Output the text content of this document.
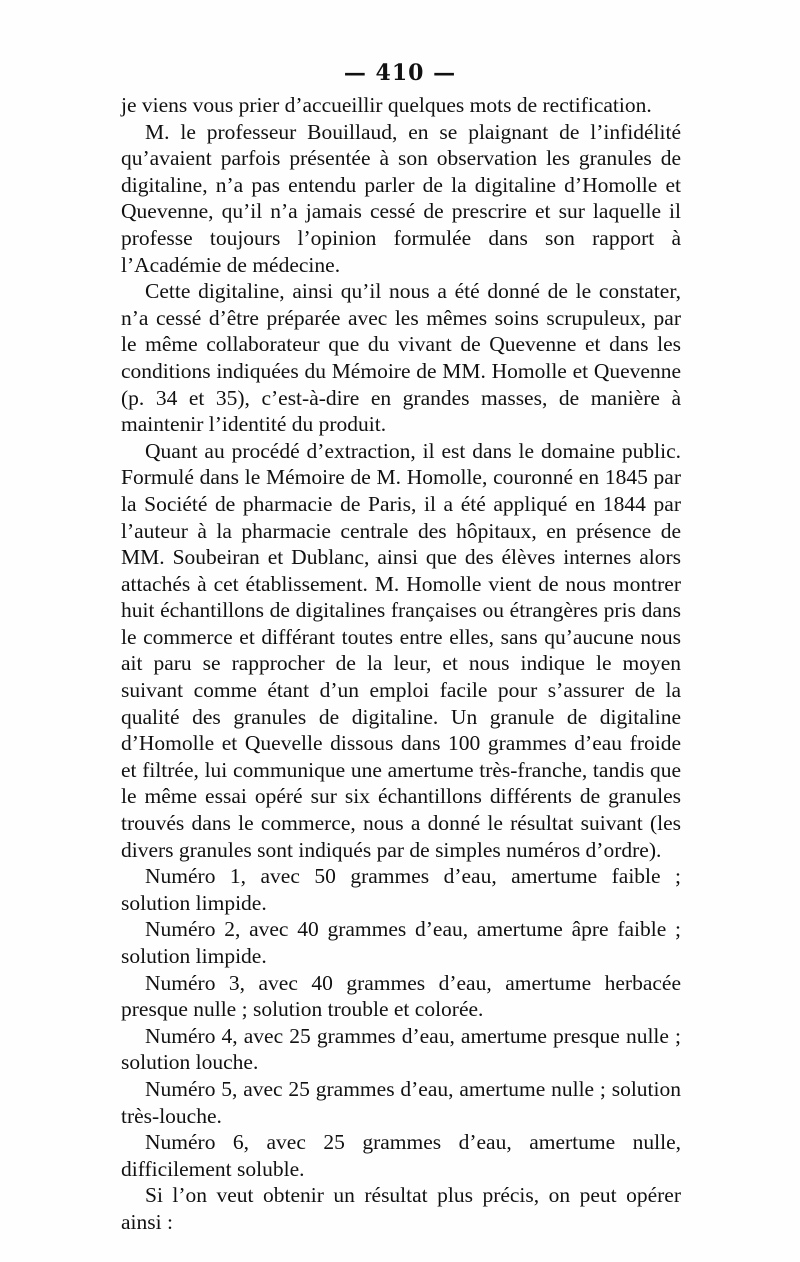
— 410 —

je viens vous prier d’accueillir quelques mots de rectification.

M. le professeur Bouillaud, en se plaignant de l’infidélité qu’avaient parfois présentée à son observation les granules de digitaline, n’a pas entendu parler de la digitaline d’Homolle et Quevenne, qu’il n’a jamais cessé de prescrire et sur laquelle il professe toujours l’opinion formulée dans son rapport à l’Académie de médecine.

Cette digitaline, ainsi qu’il nous a été donné de le constater, n’a cessé d’être préparée avec les mêmes soins scrupuleux, par le même collaborateur que du vivant de Quevenne et dans les conditions indiquées du Mémoire de MM. Homolle et Quevenne (p. 34 et 35), c’est-à-dire en grandes masses, de manière à maintenir l’identité du produit.

Quant au procédé d’extraction, il est dans le domaine public. Formulé dans le Mémoire de M. Homolle, couronné en 1845 par la Société de pharmacie de Paris, il a été appliqué en 1844 par l’auteur à la pharmacie centrale des hôpitaux, en présence de MM. Soubeiran et Dublanc, ainsi que des élèves internes alors attachés à cet établissement. M. Homolle vient de nous montrer huit échantillons de digitalines françaises ou étrangères pris dans le commerce et différant toutes entre elles, sans qu’aucune nous ait paru se rapprocher de la leur, et nous indique le moyen suivant comme étant d’un emploi facile pour s’assurer de la qualité des granules de digitaline. Un granule de digitaline d’Homolle et Quevelle dissous dans 100 grammes d’eau froide et filtrée, lui communique une amertume très-franche, tandis que le même essai opéré sur six échantillons différents de granules trouvés dans le commerce, nous a donné le résultat suivant (les divers granules sont indiqués par de simples numéros d’ordre).

Numéro 1, avec 50 grammes d’eau, amertume faible ; solution limpide.

Numéro 2, avec 40 grammes d’eau, amertume âpre faible ; solution limpide.

Numéro 3, avec 40 grammes d’eau, amertume herbacée presque nulle ; solution trouble et colorée.

Numéro 4, avec 25 grammes d’eau, amertume presque nulle ; solution louche.

Numéro 5, avec 25 grammes d’eau, amertume nulle ; solution très-louche.

Numéro 6, avec 25 grammes d’eau, amertume nulle, difficilement soluble.

Si l’on veut obtenir un résultat plus précis, on peut opérer ainsi :
